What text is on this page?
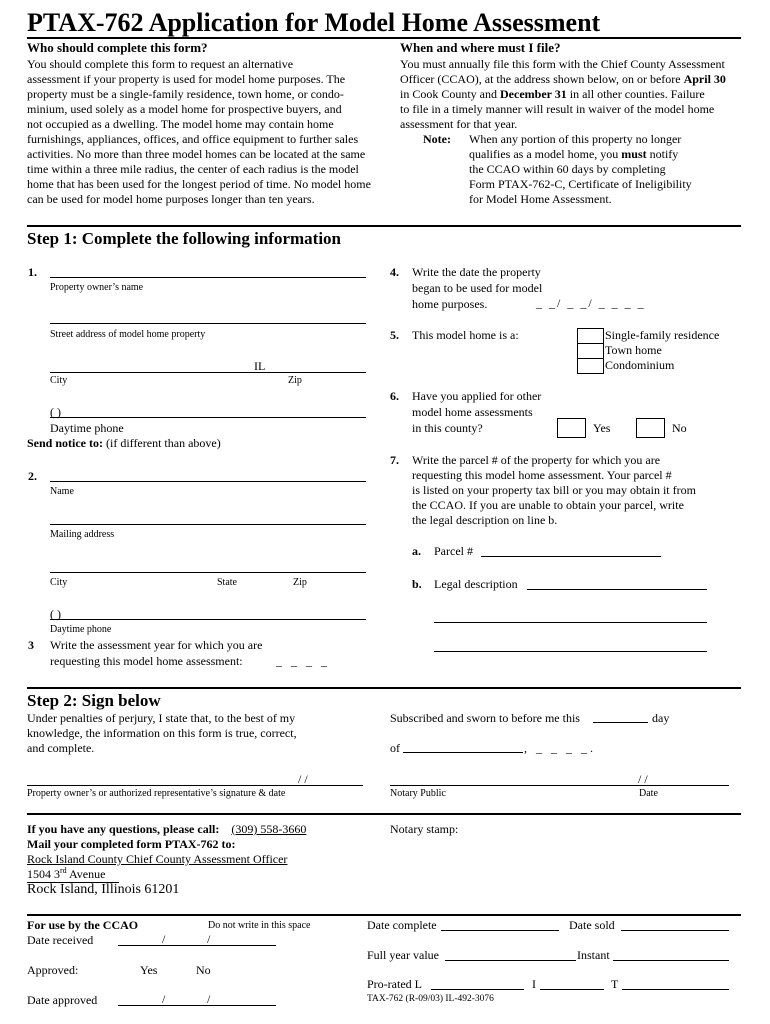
PTAX-762 Application for Model Home Assessment
Who should complete this form?
You should complete this form to request an alternative
assessment if your property is used for model home purposes. The
property must be a single-family residence, town home, or condo-
minium, used solely as a model home for prospective buyers, and
not occupied as a dwelling. The model home may contain home
furnishings, appliances, offices, and office equipment to further sales
activities. No more than three model homes can be located at the same
time within a three mile radius, the center of each radius is the model
home that has been used for the longest period of time. No model home
can be used for model home purposes longer than ten years.
When and where must I file?
You must annually file this form with the Chief County Assessment
Officer (CCAO), at the address shown below, on or before April 30
in Cook County and December 31 in all other counties. Failure
to file in a timely manner will result in waiver of the model home
assessment for that year.
Note: When any portion of this property no longer
qualifies as a model home, you must notify
the CCAO within 60 days by completing
Form PTAX-762-C, Certificate of Ineligibility
for Model Home Assessment.
Step 1: Complete the following information
1.
Property owner’s name
Street address of model home property
IL
City	Zip
( )
Daytime phone
Send notice to: (if different than above)
2.
Name
Mailing address
City	State	Zip
( )
Daytime phone
3 Write the assessment year for which you are
requesting this model home assessment:	_ _ _ _
4. Write the date the property
began to be used for model
home purposes.	_ _/ _ _/ _ _ _ _
5. This model home is a:	Single-family residence
Town home
Condominium
6. Have you applied for other
model home assessments
in this county?	Yes	No
7. Write the parcel # of the property for which you are
requesting this model home assessment. Your parcel #
is listed on your property tax bill or you may obtain it from
the CCAO. If you are unable to obtain your parcel, write
the legal description on line b.
a. Parcel #
b. Legal description
Step 2: Sign below
Under penalties of perjury, I state that, to the best of my
knowledge, the information on this form is true, correct,
and complete.
Subscribed and sworn to before me this	day
of	, _ _ _ _.
/ /
Property owner’s or authorized representative’s signature & date
/ /
Notary Public	Date
If you have any questions, please call: (309) 558-3660
Mail your completed form PTAX-762 to:
Rock Island County Chief County Assessment Officer
1504 3rd Avenue
Rock Island, Illinois 61201
Notary stamp:
For use by the CCAO	Do not write in this space
Date received	/	/
Approved:	Yes	No
Date approved	/	/
Date complete	Date sold
Full year value	Instant
Pro-rated L	I	T
TAX-762 (R-09/03) IL-492-3076
